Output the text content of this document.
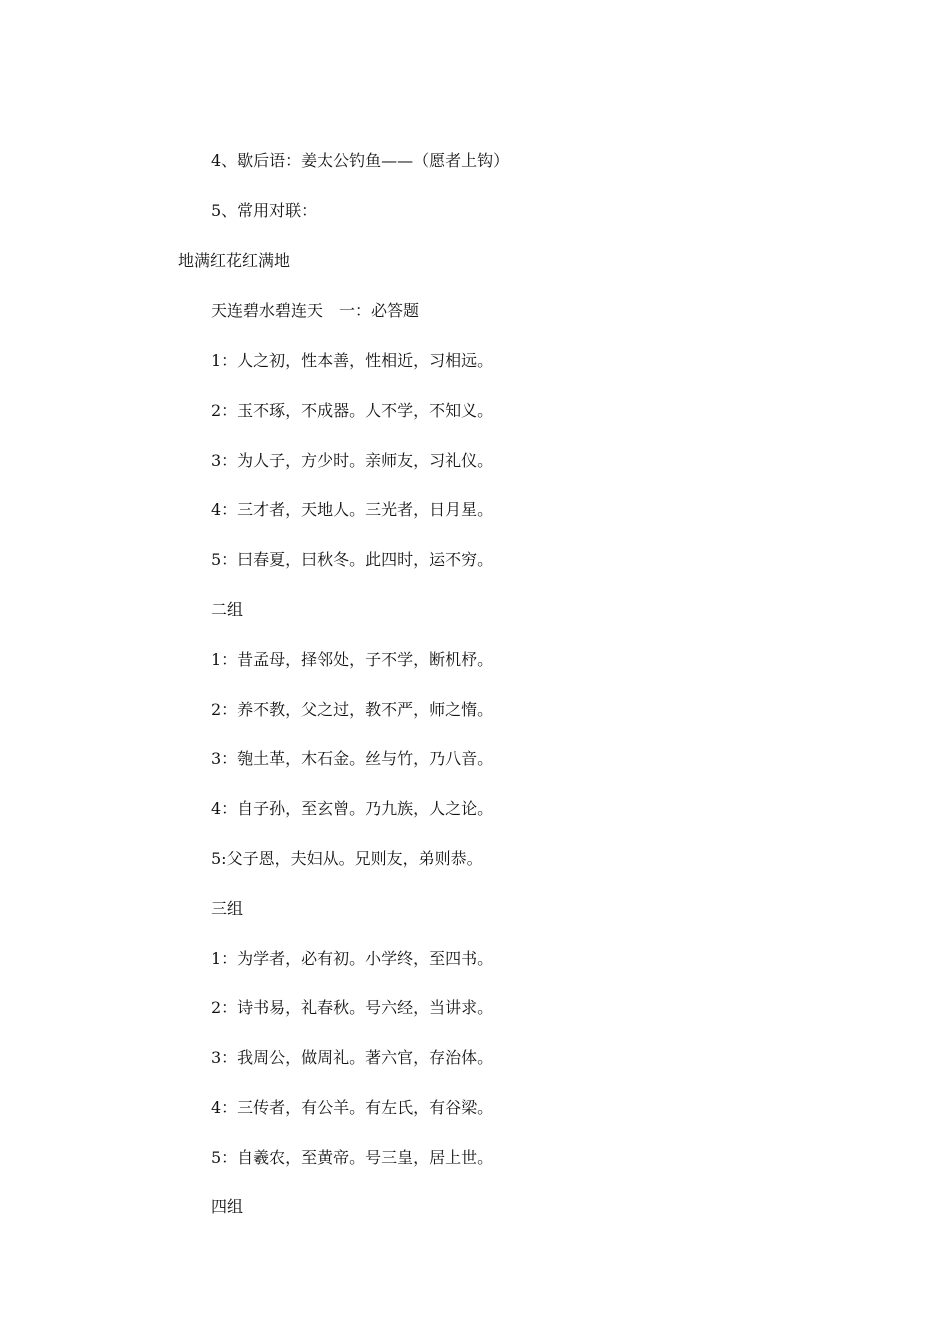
4、歇后语：姜太公钓鱼——（愿者上钩）
5、常用对联：
地满红花红满地
天连碧水碧连天　一：必答题
1：人之初，性本善，性相近，习相远。
2：玉不琢，不成器。人不学，不知义。
3：为人子，方少时。亲师友，习礼仪。
4：三才者，天地人。三光者，日月星。
5：曰春夏，曰秋冬。此四时，运不穷。
二组
1：昔孟母，择邻处，子不学，断机杼。
2：养不教，父之过，教不严，师之惰。
3：匏土革，木石金。丝与竹，乃八音。
4：自子孙，至玄曾。乃九族，人之论。
5:父子恩，夫妇从。兄则友，弟则恭。
三组
1：为学者，必有初。小学终，至四书。
2：诗书易，礼春秋。号六经，当讲求。
3：我周公，做周礼。著六官，存治体。
4：三传者，有公羊。有左氏，有谷梁。
5：自羲农，至黄帝。号三皇，居上世。
四组
